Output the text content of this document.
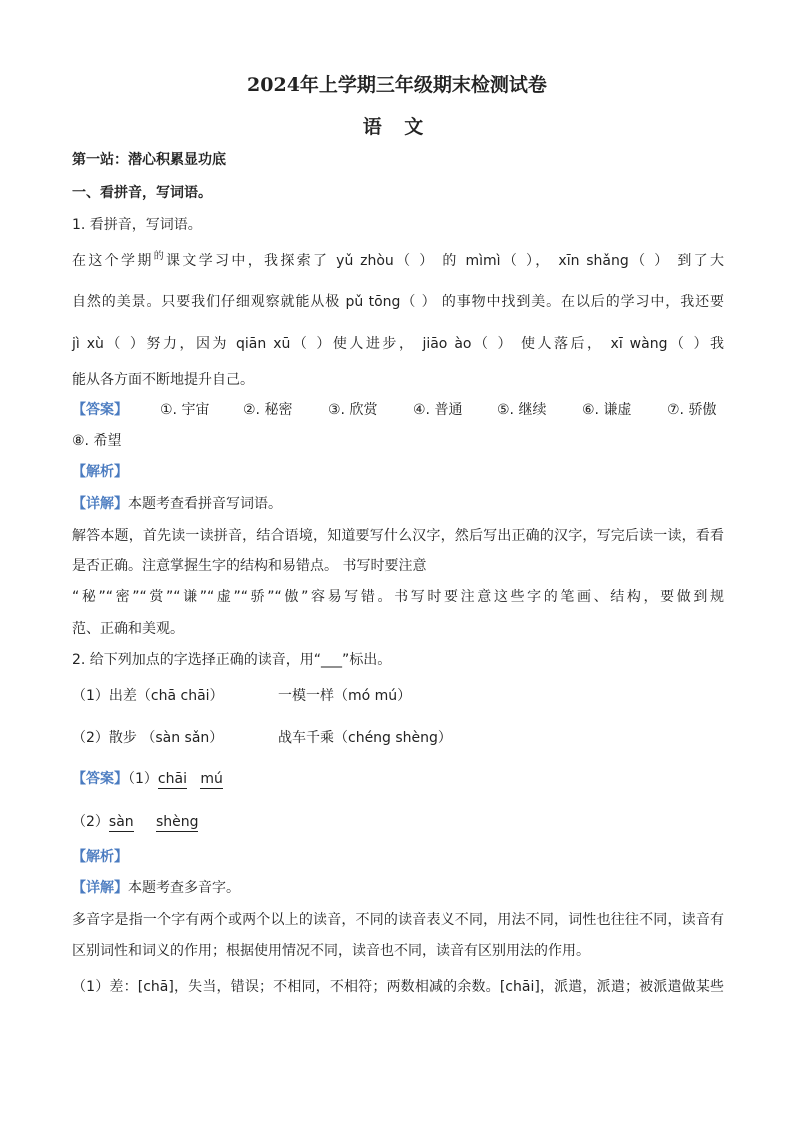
2024年上学期三年级期末检测试卷
语 文
第一站：潜心积累显功底
一、看拼音，写词语。
1. 看拼音，写词语。
在这个学期$^的$课文学习中，我探索了 yǔ zhòu（ ） 的 mìmì（ ）， xīn shǎng（ ） 到了大
自然的美景。只要我们仔细观察就能从极 pǔ tōng（ ） 的事物中找到美。在以后的学习中，我还要
jì xù（ ）努力，因为 qiān xū（ ）使人进步， jiāo ào（ ） 使人落后， xī wàng（ ）我
能从各方面不断地提升自己。
【答案】 ①. 宇宙 ②. 秘密	③. 欣赏	④. 普通 ⑤. 继续	⑥. 谦虚	⑦. 骄傲
⑧. 希望
【解析】
【详解】本题考查看拼音写词语。
解答本题，首先读一读拼音，结合语境，知道要写什么汉字，然后写出正确的汉字，写完后读一读，看看
是否正确。注意掌握生字的结构和易错点。 书写时要注意
“秘”“密”“赏”“谦”“虚”“骄”“傲”容易写错。书写时要注意这些字的笔画、结构，要做到规
范、正确和美观。
2. 给下列加点的字选择正确的读音，用“___”标出。
（1）出差（chā chāi）	一模一样（mó mú）
（2）散步 （sàn sǎn）	战车千乘（chéng shèng）
【答案】（1）chāi mú
（2）sàn shèng
【解析】
【详解】本题考查多音字。
多音字是指一个字有两个或两个以上的读音，不同的读音表义不同，用法不同，词性也往往不同，读音有
区别词性和词义的作用；根据使用情况不同，读音也不同，读音有区别用法的作用。
（1）差：[chā]，失当，错误；不相同，不相符；两数相减的余数。[chāi]，派遣，派遣；被派遣做某些
